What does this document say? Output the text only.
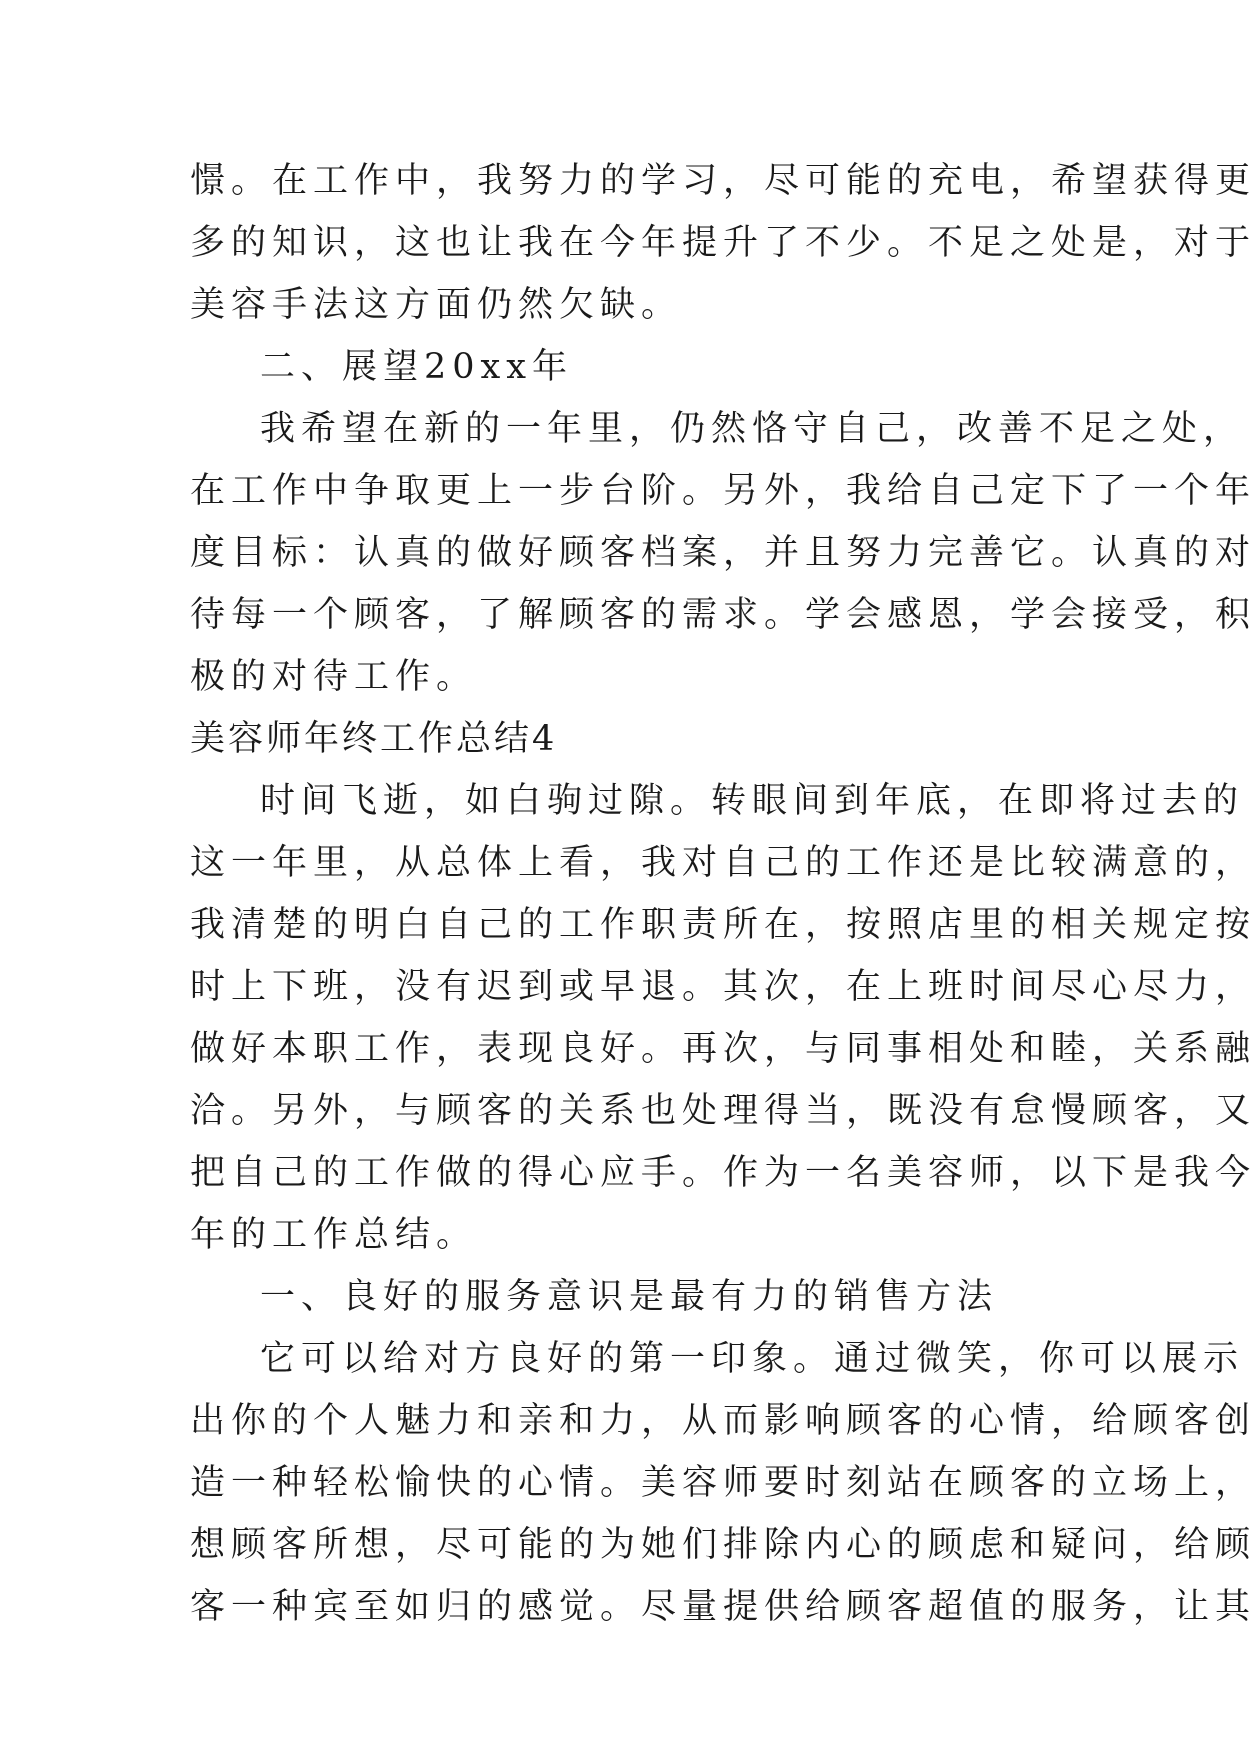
憬。在工作中，我努力的学习，尽可能的充电，希望获得更
多的知识，这也让我在今年提升了不少。不足之处是，对于
美容手法这方面仍然欠缺。
二、展望20xx年
我希望在新的一年里，仍然恪守自己，改善不足之处，
在工作中争取更上一步台阶。另外，我给自己定下了一个年
度目标：认真的做好顾客档案，并且努力完善它。认真的对
待每一个顾客，了解顾客的需求。学会感恩，学会接受，积
极的对待工作。
美容师年终工作总结4
时间飞逝，如白驹过隙。转眼间到年底，在即将过去的
这一年里，从总体上看，我对自己的工作还是比较满意的，
我清楚的明白自己的工作职责所在，按照店里的相关规定按
时上下班，没有迟到或早退。其次，在上班时间尽心尽力，
做好本职工作，表现良好。再次，与同事相处和睦，关系融
洽。另外，与顾客的关系也处理得当，既没有怠慢顾客，又
把自己的工作做的得心应手。作为一名美容师，以下是我今
年的工作总结。
一、良好的服务意识是最有力的销售方法
它可以给对方良好的第一印象。通过微笑，你可以展示
出你的个人魅力和亲和力，从而影响顾客的心情，给顾客创
造一种轻松愉快的心情。美容师要时刻站在顾客的立场上，
想顾客所想，尽可能的为她们排除内心的顾虑和疑问，给顾
客一种宾至如归的感觉。尽量提供给顾客超值的服务，让其
